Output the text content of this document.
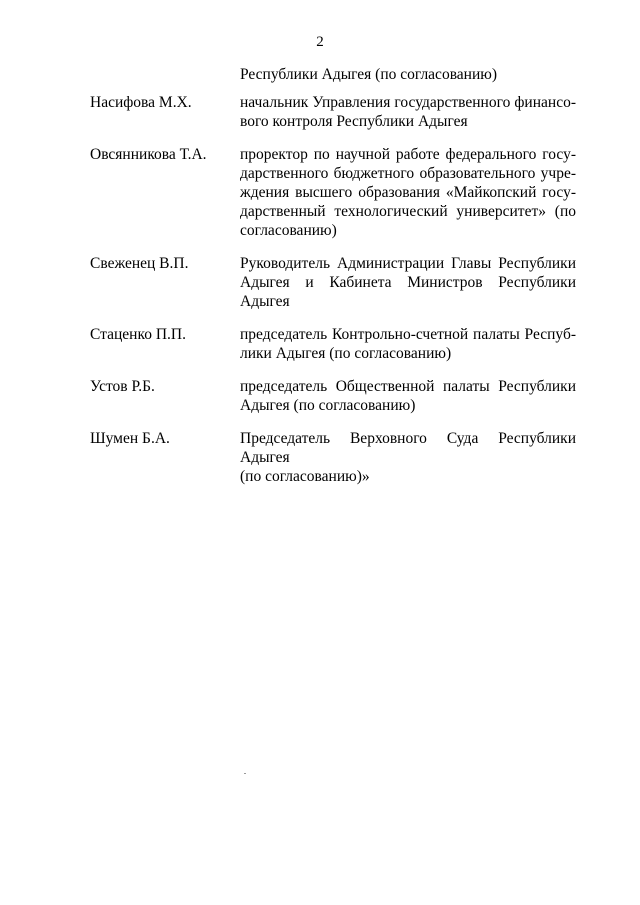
2
Республики Адыгея (по согласованию)
Насифова М.Х.	начальник Управления государственного финансо-
вого контроля Республики Адыгея
Овсянникова Т.А.	проректор по научной работе федерального госу-
дарственного бюджетного образовательного учре-
ждения высшего образования «Майкопский госу-
дарственный технологический университет» (по
согласованию)
Свеженец В.П.	Руководитель Администрации Главы Республики
Адыгея и Кабинета Министров Республики Адыгея
Стаценко П.П.	председатель Контрольно-счетной палаты Респуб-
лики Адыгея (по согласованию)
Устов Р.Б.	председатель Общественной палаты Республики
Адыгея (по согласованию)
Шумен Б.А.	Председатель Верховного Суда Республики Адыгея
(по согласованию)»
